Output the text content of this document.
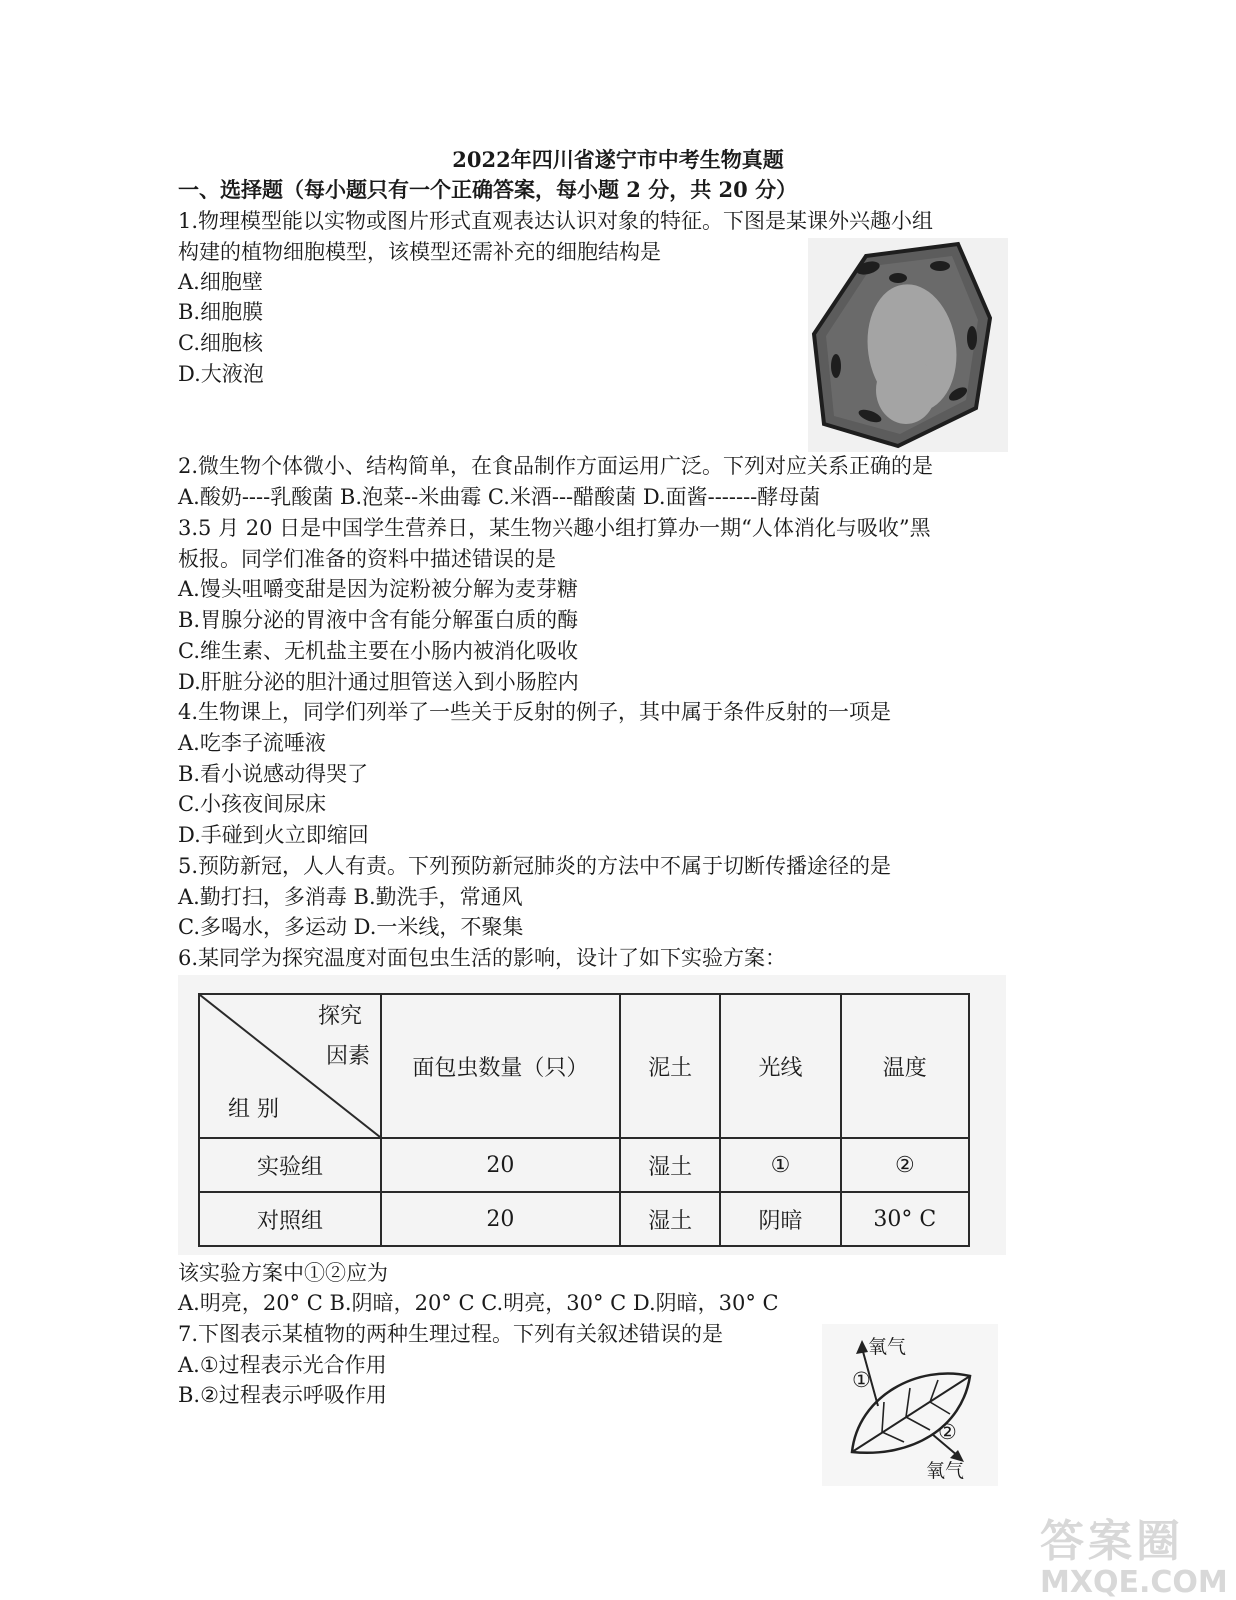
2022年四川省遂宁市中考生物真题
一、选择题（每小题只有一个正确答案，每小题 2 分，共 20 分）
1.物理模型能以实物或图片形式直观表达认识对象的特征。下图是某课外兴趣小组
构建的植物细胞模型，该模型还需补充的细胞结构是
A.细胞壁
B.细胞膜
C.细胞核
D.大液泡
2.微生物个体微小、结构简单，在食品制作方面运用广泛。下列对应关系正确的是
A.酸奶----乳酸菌 B.泡菜--米曲霉 C.米酒---醋酸菌 D.面酱-------酵母菌
3.5 月 20 日是中国学生营养日，某生物兴趣小组打算办一期“人体消化与吸收”黑
板报。同学们准备的资料中描述错误的是
A.馒头咀嚼变甜是因为淀粉被分解为麦芽糖
B.胃腺分泌的胃液中含有能分解蛋白质的酶
C.维生素、无机盐主要在小肠内被消化吸收
D.肝脏分泌的胆汁通过胆管送入到小肠腔内
4.生物课上，同学们列举了一些关于反射的例子，其中属于条件反射的一项是
A.吃李子流唾液
B.看小说感动得哭了
C.小孩夜间尿床
D.手碰到火立即缩回
5.预防新冠，人人有责。下列预防新冠肺炎的方法中不属于切断传播途径的是
A.勤打扫，多消毒 B.勤洗手，常通风
C.多喝水，多运动 D.一米线，不聚集
6.某同学为探究温度对面包虫生活的影响，设计了如下实验方案：
探究
因素
组 别	面包虫数量（只）	泥土	光线	温度
实验组	20	湿土	①	②
对照组	20	湿土	阴暗	30° C
该实验方案中①②应为
A.明亮，20° C B.阴暗，20° C C.明亮，30° C D.阴暗，30° C
7.下图表示某植物的两种生理过程。下列有关叙述错误的是
A.①过程表示光合作用
B.②过程表示呼吸作用
氧气
①
②
氧气
答案圈
MXQE.COM
